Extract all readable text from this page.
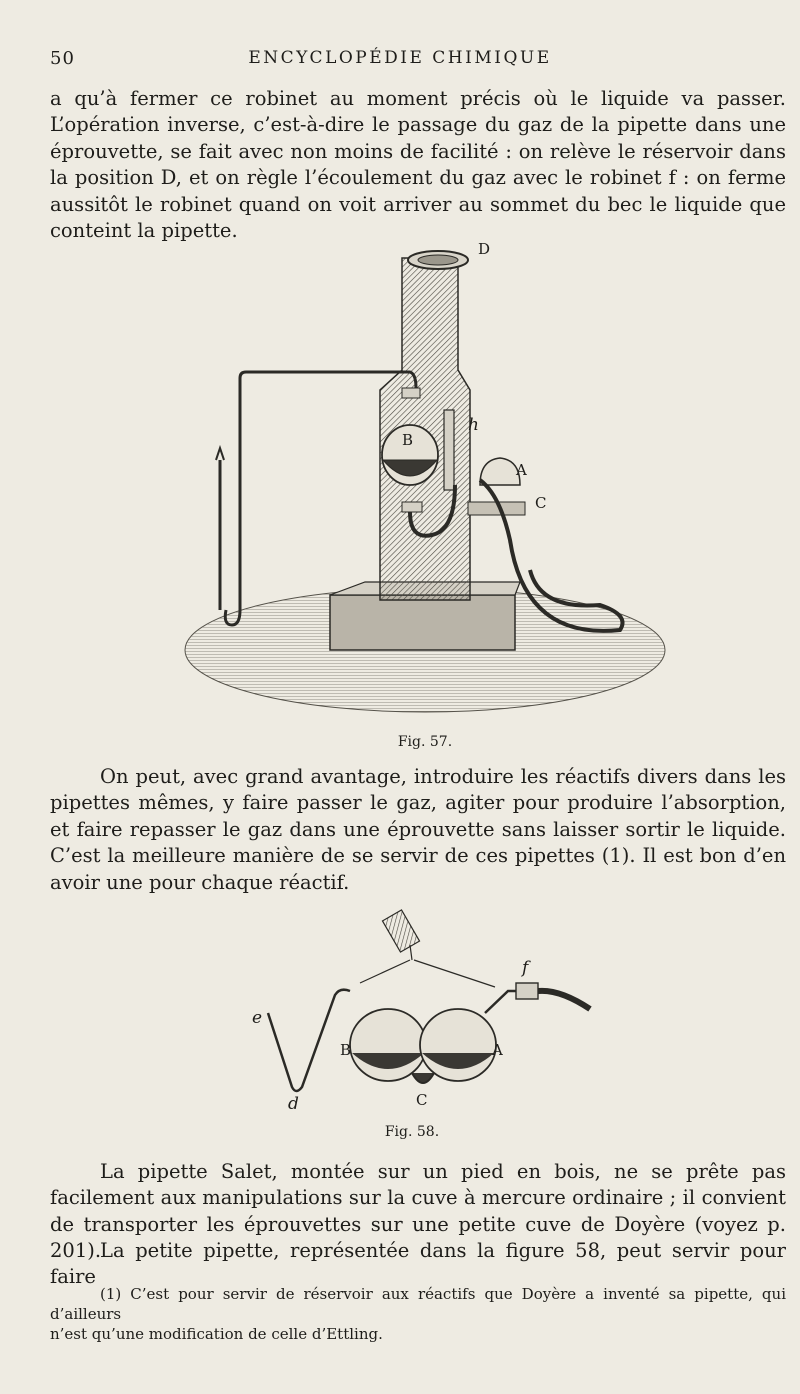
50	ENCYCLOPÉDIE CHIMIQUE

a qu’à fermer ce robinet au moment précis où le liquide va passer. L’opération inverse, c’est-à-dire le passage du gaz de la pipette dans une éprouvette, se fait avec non moins de facilité : on relève le réservoir dans la position D, et on règle l’écoulement du gaz avec le robinet f : on ferme aussitôt le robinet quand on voit arriver au sommet du bec le liquide que conteint la pipette.

D
B
h
A
C
Fig. 57.

On peut, avec grand avantage, introduire les réactifs divers dans les pipettes mêmes, y faire passer le gaz, agiter pour produire l’absorption, et faire repasser le gaz dans une éprouvette sans laisser sortir le liquide. C’est la meilleure manière de se servir de ces pipettes (1). Il est bon d’en avoir une pour chaque réactif.

e
d
B	A
C
f
Fig. 58.

La pipette Salet, montée sur un pied en bois, ne se prête pas facilement aux manipulations sur la cuve à mercure ordinaire ; il convient de transporter les éprouvettes sur une petite cuve de Doyère (voyez p. 201).

La petite pipette, représentée dans la figure 58, peut servir pour faire

(1) C’est pour servir de réservoir aux réactifs que Doyère a inventé sa pipette, qui d’ailleurs
n’est qu’une modification de celle d’Ettling.
